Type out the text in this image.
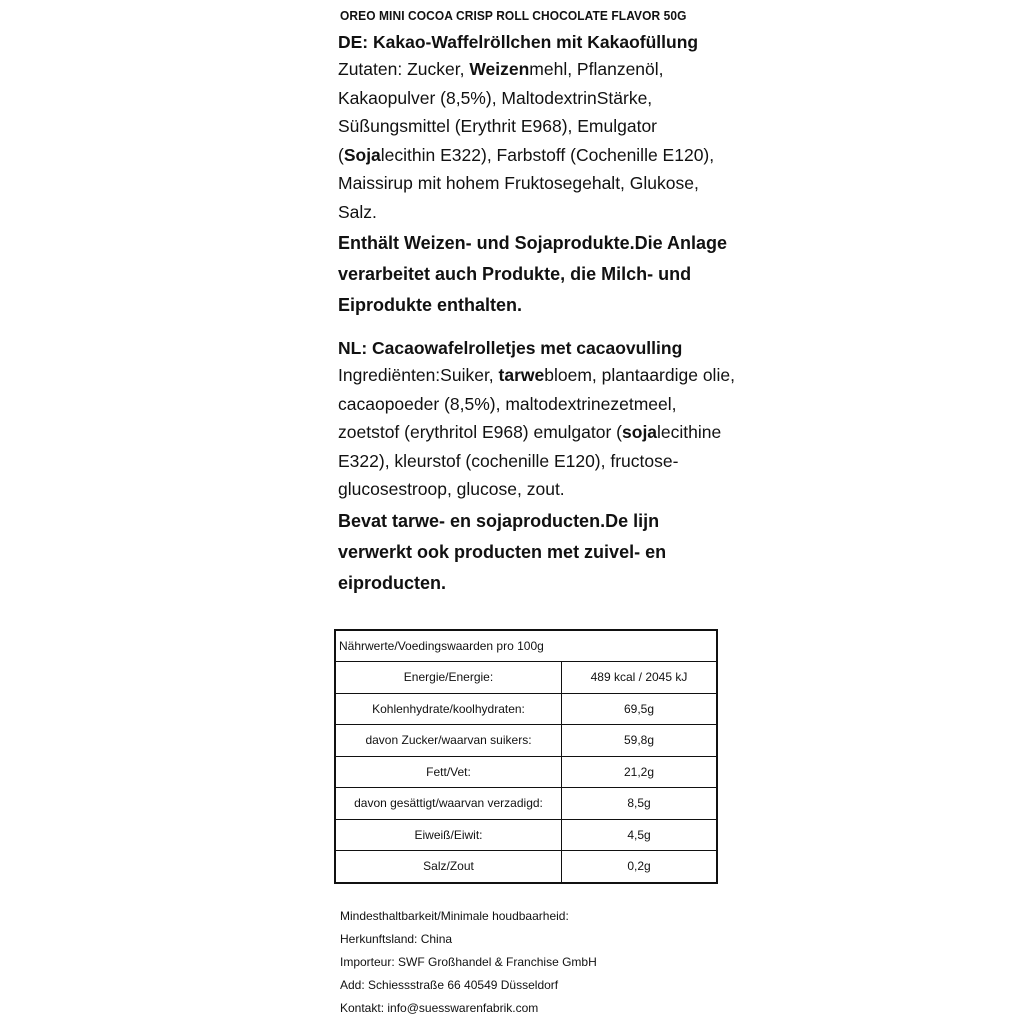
OREO MINI COCOA CRISP ROLL CHOCOLATE FLAVOR 50G
DE: Kakao-Waffelröllchen mit Kakaofüllung
Zutaten: Zucker, Weizenmehl, Pflanzenöl, Kakaopulver (8,5%), MaltodextrinStärke, Süßungsmittel (Erythrit E968), Emulgator (Sojalecithin E322), Farbstoff (Cochenille E120), Maissirup mit hohem Fruktosegehalt, Glukose, Salz.
Enthält Weizen- und Sojaprodukte.Die Anlage verarbeitet auch Produkte, die Milch- und Eiprodukte enthalten.
NL: Cacaowafelrolletjes met cacaovulling
Ingrediënten:Suiker, tarwebloem, plantaardige olie, cacaopoeder (8,5%), maltodextrinezetmeel, zoetstof (erythritol E968) emulgator (sojalecithine E322), kleurstof (cochenille E120), fructose-glucosestroop, glucose, zout.
Bevat tarwe- en sojaproducten.De lijn verwerkt ook producten met zuivel- en eiproducten.
Nährwerte/Voedingswaarden pro 100g	
Energie/Energie:	489 kcal / 2045 kJ
Kohlenhydrate/koolhydraten:	69,5g
davon Zucker/waarvan suikers:	59,8g
Fett/Vet:	21,2g
davon gesättigt/waarvan verzadigd:	8,5g
Eiweiß/Eiwit:	4,5g
Salz/Zout	0,2g
Mindesthaltbarkeit/Minimale houdbaarheid:
Herkunftsland: China
Importeur: SWF Großhandel & Franchise GmbH
Add: Schiessstraße 66 40549 Düsseldorf
Kontakt: info@suesswarenfabrik.com
